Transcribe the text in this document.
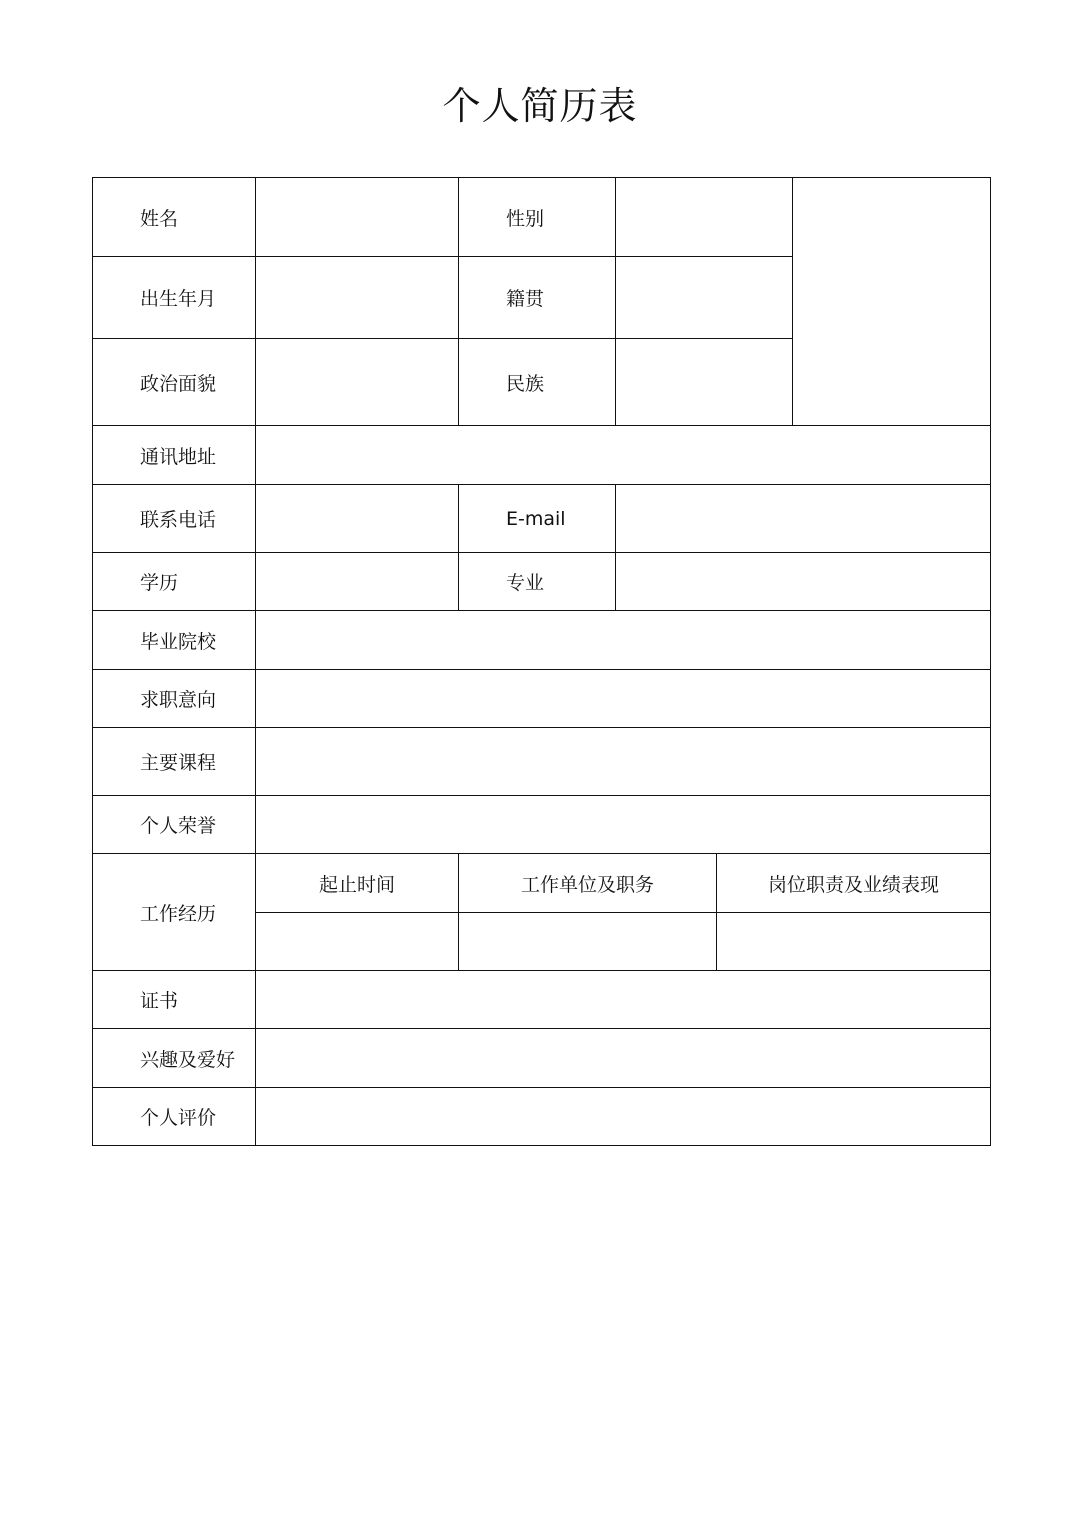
个人简历表
姓名		性别			
出生年月		籍贯			
政治面貌		民族			
通讯地址					
联系电话		E-mail			
学历		专业			
毕业院校					
求职意向					
主要课程					
个人荣誉					
工作经历	起止时间	工作单位及职务		岗位职责及业绩表现	

证书					
兴趣及爱好					
个人评价					
